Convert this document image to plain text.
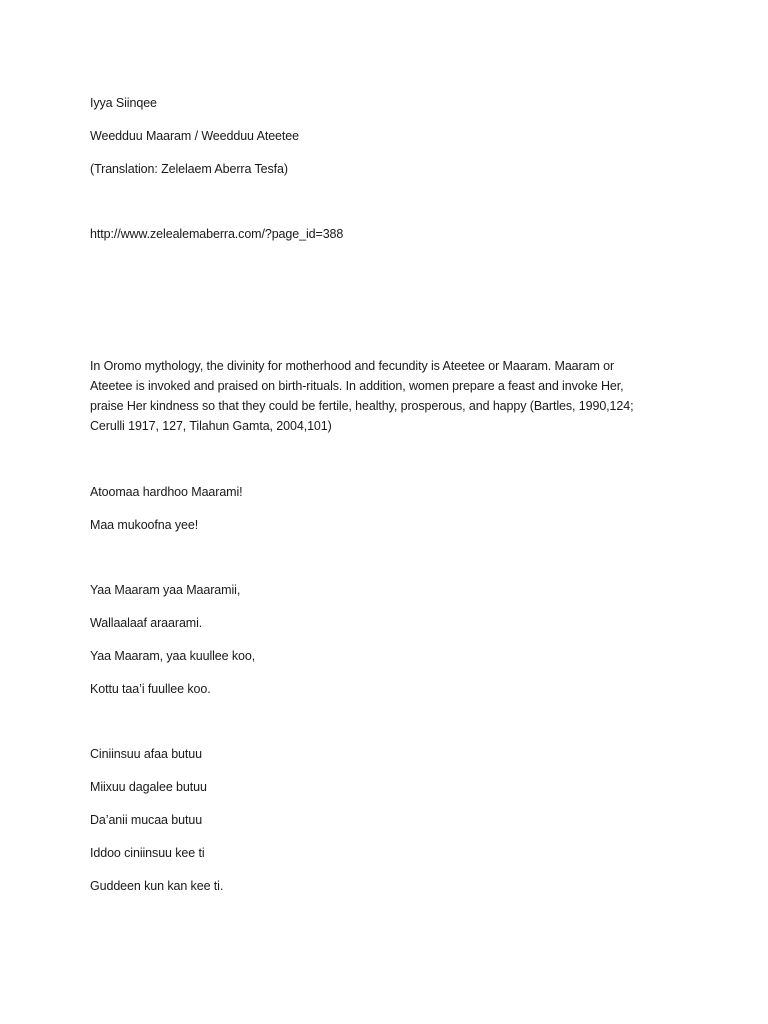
Iyya Siinqee
Weedduu Maaram / Weedduu Ateetee
(Translation: Zelelaem Aberra Tesfa)
http://www.zelealemaberra.com/?page_id=388
In Oromo mythology, the divinity for motherhood and fecundity is Ateetee or Maaram. Maaram or
Ateetee is invoked and praised on birth-rituals. In addition, women prepare a feast and invoke Her,
praise Her kindness so that they could be fertile, healthy, prosperous, and happy (Bartles, 1990,124;
Cerulli 1917, 127, Tilahun Gamta, 2004,101)
Atoomaa hardhoo Maarami!
Maa mukoofna yee!
Yaa Maaram yaa Maaramii,
Wallaalaaf araarami.
Yaa Maaram, yaa kuullee koo,
Kottu taa’i fuullee koo.
Ciniinsuu afaa butuu
Miixuu dagalee butuu
Da’anii mucaa butuu
Iddoo ciniinsuu kee ti
Guddeen kun kan kee ti.
